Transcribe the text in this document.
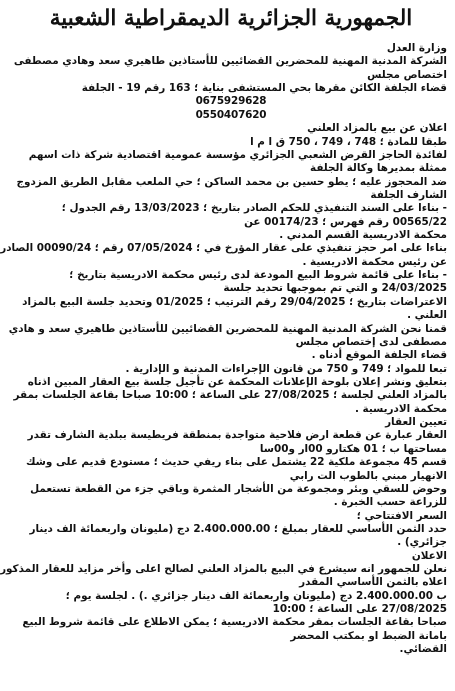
الجمهورية الجزائرية الديمقراطية الشعبية
وزارة العدل
الشركة المدنية المهنية للمحضرين القضائيين للأستاذين طاهيري سعد وهادي مصطفى
اختصاص مجلس
قضاء الجلفة الكائن مقرها بحي المستشفى بناية ؛ 163 رقم 19 - الجلفة
0675929628
0550407620
اعلان عن بيع بالمزاد العلني
طبقا للمادة ؛ 748 ، 749 ، 750 ق ا م ا
لفائدة الحاجز القرض الشعبي الجزائري مؤسسة عمومية اقتصادية شركة ذات اسهم
ممثلة بمديرها وكالة الجلفة
ضد المحجوز عليه ؛ يطو حسين بن محمد الساكن ؛ حي الملعب مقابل الطريق المزدوج
الشارف الجلفة
- بناءا على السند التنفيذي للحكم الصادر بتاريخ ؛ 13/03/2023 رقم الجدول ؛
00565/22 رقم فهرس ؛ 00174/23 عن
محكمة الادريسية القسم المدني .
بناءا على امر حجز تنفيذي على عقار المؤرخ في ؛ 07/05/2024 رقم ؛ 00090/24 الصادر
عن رئيس محكمة الادريسية .
- بناءا على قائمة شروط البيع المودعة لدى رئيس محكمة الادريسية بتاريخ ؛
24/03/2025 و التي تم بموجبها تحديد جلسة
الاعتراضات بتاريخ ؛ 29/04/2025 رقم الترتيب ؛ 01/2025 وتحديد جلسة البيع بالمزاد
العلني .
قمنا نحن الشركة المدنية المهنية للمحضرين القضائيين للأستاذين طاهيري سعد و هادي
مصطفى لدى إختصاص مجلس
قضاء الجلفة الموقع أدناه .
تبعا للمواد ؛ 749 و 750 من قانون الإجراءات المدنية و الإدارية .
بتعليق ونشر إعلان بلوحة الإعلانات المحكمة عن تأجيل جلسة بيع العقار المبين اذناه
بالمزاد العلني لجلسة ؛ 27/08/2025 على الساعة ؛ 10:00 صباحا بقاعة الجلسات بمقر
محكمة الادريسية .
تعيين العقار
العقار عبارة عن قطعة ارض فلاحية متواجدة بمنطقة فريطيسة ببلدية الشارف تقدر
مساحتها ب ؛ 01 هكتارو 00ار و00سا
قسم 45 مجموعة ملكية 22 يشتمل على بناء ريفي حديث ؛ مستودع قديم على وشك
الانهيار مبني بالطوب الت رابي
وحوض للسقي وبئر ومجموعة من الأشجار المثمرة وباقي جزء من القطعة تستعمل
للزراعة حسب الخبرة .
السعر الافتتاحي ؛
حدد الثمن الأساسي للعقار بمبلغ ؛ 2.400.000.00 دج (مليونان واربعمائة الف دينار
جزائري) .
الاعلان
نعلن للجمهور انه سيشرع في البيع بالمزاد العلني لصالح اعلى وأخر مزايد للعقار المذكور
اعلاه بالثمن الأساسي المقدر
ب 2.400.000.00 دج (مليونان واربعمائة الف دينار جزائري .) . لجلسة يوم ؛
27/08/2025 على الساعة ؛ 10:00
صباحا بقاعة الجلسات بمقر محكمة الادريسية ؛ يمكن الاطلاع على قائمة شروط البيع
بامانة الضبط او بمكتب المحضر
القضائي.
